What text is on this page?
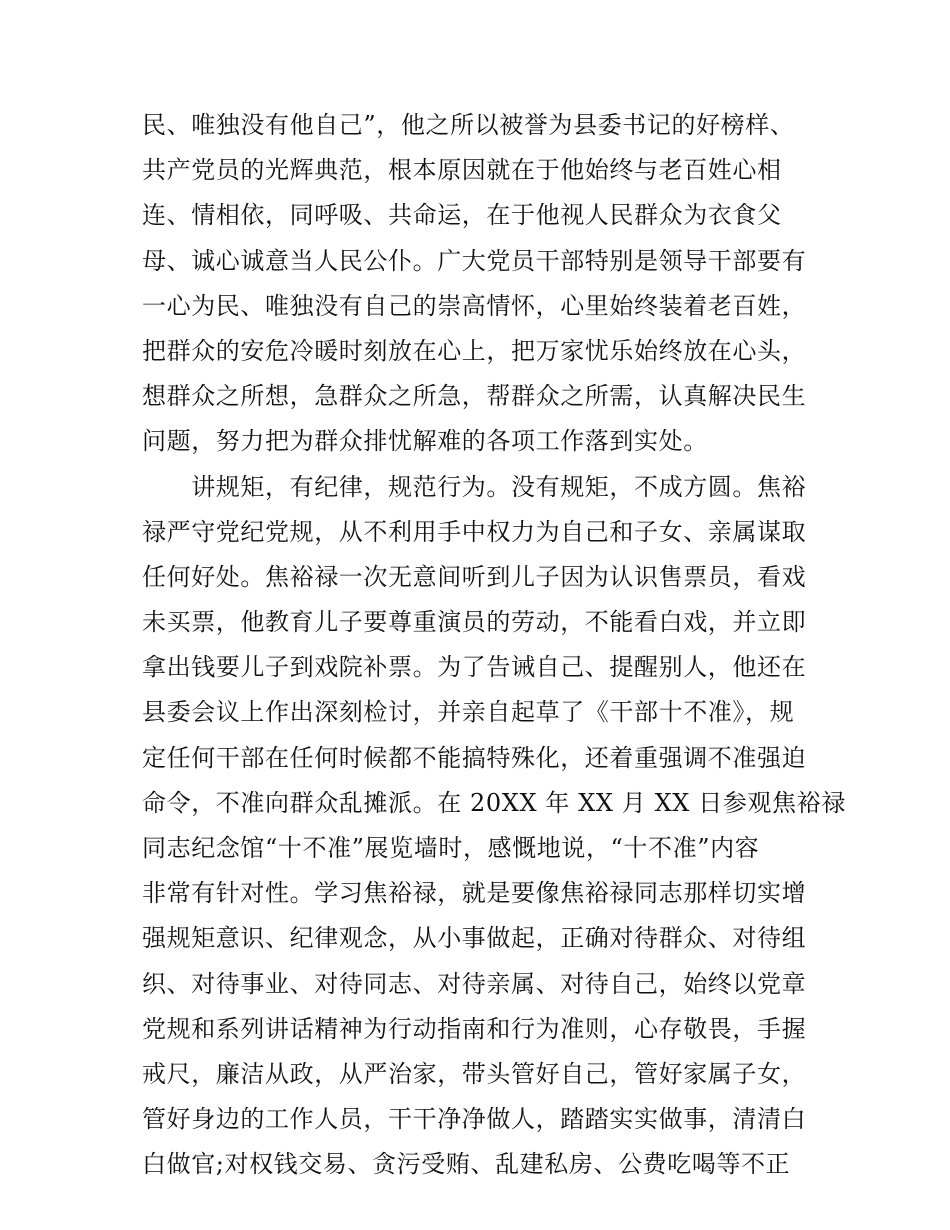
民、唯独没有他自己”，他之所以被誉为县委书记的好榜样、
共产党员的光辉典范，根本原因就在于他始终与老百姓心相
连、情相依，同呼吸、共命运，在于他视人民群众为衣食父
母、诚心诚意当人民公仆。广大党员干部特别是领导干部要有
一心为民、唯独没有自己的崇高情怀，心里始终装着老百姓，
把群众的安危冷暖时刻放在心上，把万家忧乐始终放在心头，
想群众之所想，急群众之所急，帮群众之所需，认真解决民生
问题，努力把为群众排忧解难的各项工作落到实处。
　　讲规矩，有纪律，规范行为。没有规矩，不成方圆。焦裕
禄严守党纪党规，从不利用手中权力为自己和子女、亲属谋取
任何好处。焦裕禄一次无意间听到儿子因为认识售票员，看戏
未买票，他教育儿子要尊重演员的劳动，不能看白戏，并立即
拿出钱要儿子到戏院补票。为了告诫自己、提醒别人，他还在
县委会议上作出深刻检讨，并亲自起草了《干部十不准》，规
定任何干部在任何时候都不能搞特殊化，还着重强调不准强迫
命令，不准向群众乱摊派。在 20XX 年 XX 月 XX 日参观焦裕禄
同志纪念馆“十不准”展览墙时，感慨地说，“十不准”内容
非常有针对性。学习焦裕禄，就是要像焦裕禄同志那样切实增
强规矩意识、纪律观念，从小事做起，正确对待群众、对待组
织、对待事业、对待同志、对待亲属、对待自己，始终以党章
党规和系列讲话精神为行动指南和行为准则，心存敬畏，手握
戒尺，廉洁从政，从严治家，带头管好自己，管好家属子女，
管好身边的工作人员，干干净净做人，踏踏实实做事，清清白
白做官;对权钱交易、贪污受贿、乱建私房、公费吃喝等不正
